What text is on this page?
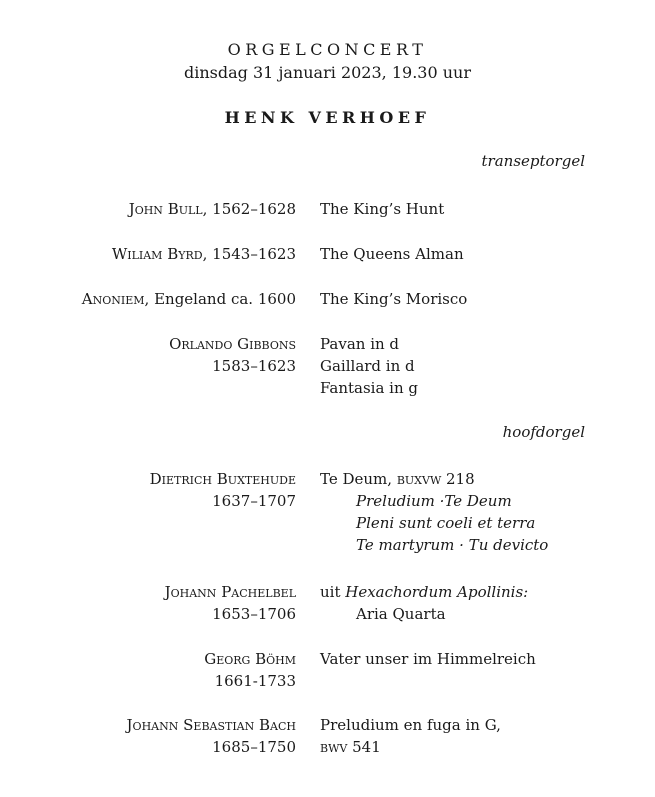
ORGELCONCERT
dinsdag 31 januari 2023, 19.30 uur
HENK VERHOEF
transeptorgel
John Bull, 1562–1628 The King’s Hunt
Wiliam Byrd, 1543–1623 The Queens Alman
Anoniem, Engeland ca. 1600 The King’s Morisco
Orlando Gibbons
1583–1623
Pavan in d
Gaillard in d
Fantasia in g
hoofdorgel
Dietrich Buxtehude
1637–1707
Te Deum, buxvw 218
Preludium ·Te Deum
Pleni sunt coeli et terra
Te martyrum · Tu devicto
Johann Pachelbel
1653–1706
uit Hexachordum Apollinis:
Aria Quarta
Georg Böhm
1661-1733
Vater unser im Himmelreich
Johann Sebastian Bach
1685–1750
Preludium en fuga in G,
bwv 541
